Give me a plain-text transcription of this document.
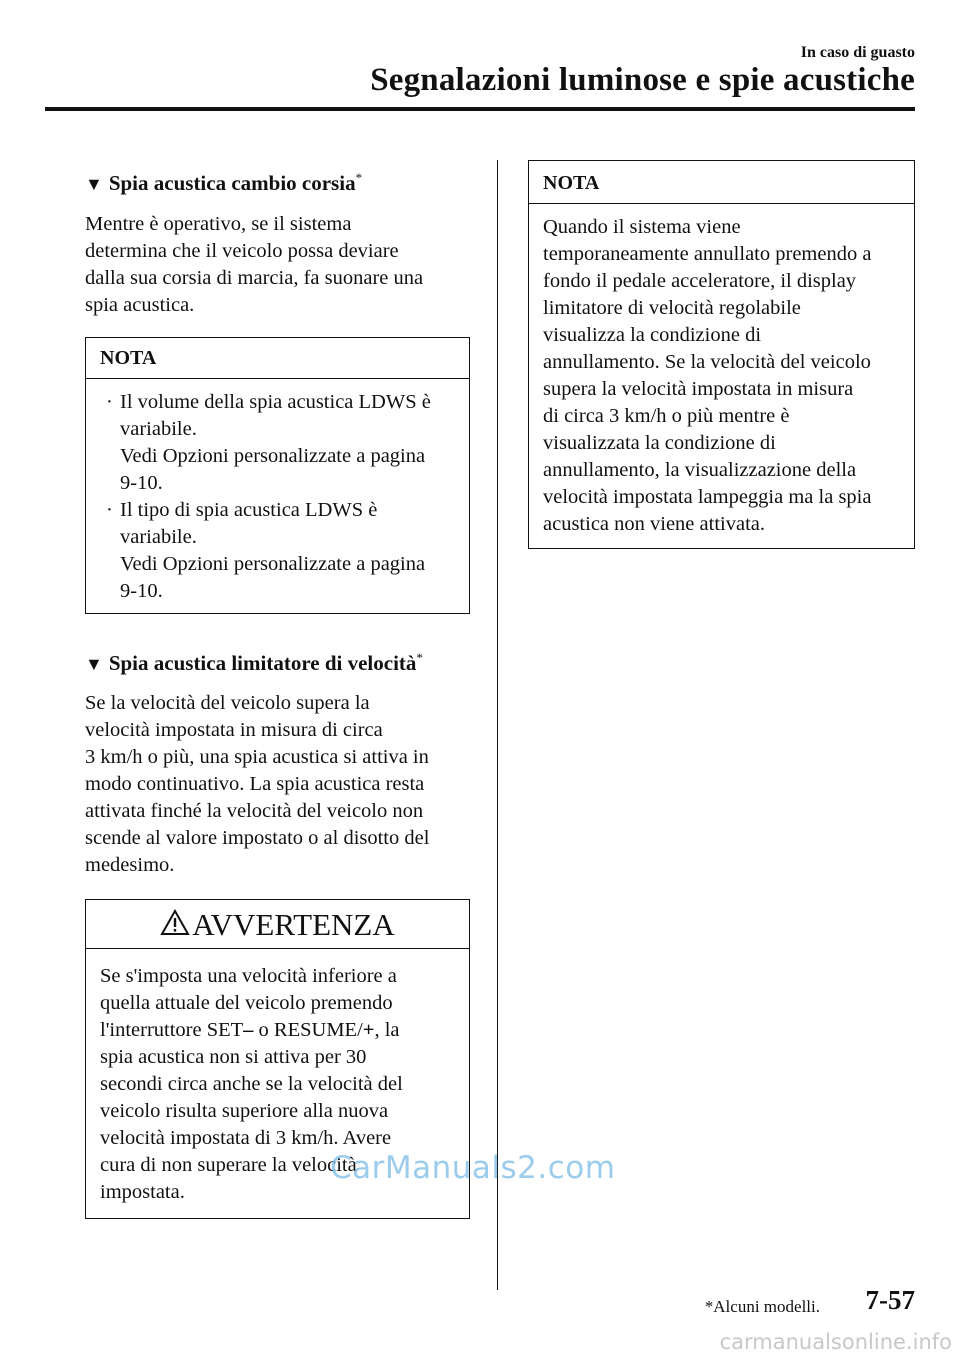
In caso di guasto
Segnalazioni luminose e spie acustiche
▼ Spia acustica cambio corsia*

Mentre è operativo, se il sistema

determina che il veicolo possa deviare

dalla sua corsia di marcia, fa suonare una

spia acustica.

NOTA
· Il volume della spia acustica LDWS è
variabile.
Vedi Opzioni personalizzate a pagina
9-10.
· Il tipo di spia acustica LDWS è
variabile.
Vedi Opzioni personalizzate a pagina
9-10.
▼ Spia acustica limitatore di velocità*

Se la velocità del veicolo supera la

velocità impostata in misura di circa

3 km/h o più, una spia acustica si attiva in

modo continuativo. La spia acustica resta

attivata finché la velocità del veicolo non

scende al valore impostato o al disotto del

medesimo.

AVVERTENZA

Se s'imposta una velocità inferiore a

quella attuale del veicolo premendo

l'interruttore SET– o RESUME/+, la

spia acustica non si attiva per 30

secondi circa anche se la velocità del

veicolo risulta superiore alla nuova

velocità impostata di 3 km/h. Avere

cura di non superare la velocità

impostata.

NOTA

Quando il sistema viene

temporaneamente annullato premendo a

fondo il pedale acceleratore, il display

limitatore di velocità regolabile

visualizza la condizione di

annullamento. Se la velocità del veicolo

supera la velocità impostata in misura

di circa 3 km/h o più mentre è

visualizzata la condizione di

annullamento, la visualizzazione della

velocità impostata lampeggia ma la spia

acustica non viene attivata.

CarManuals2.com
*Alcuni modelli. 7-57
carmanualsonline.info
